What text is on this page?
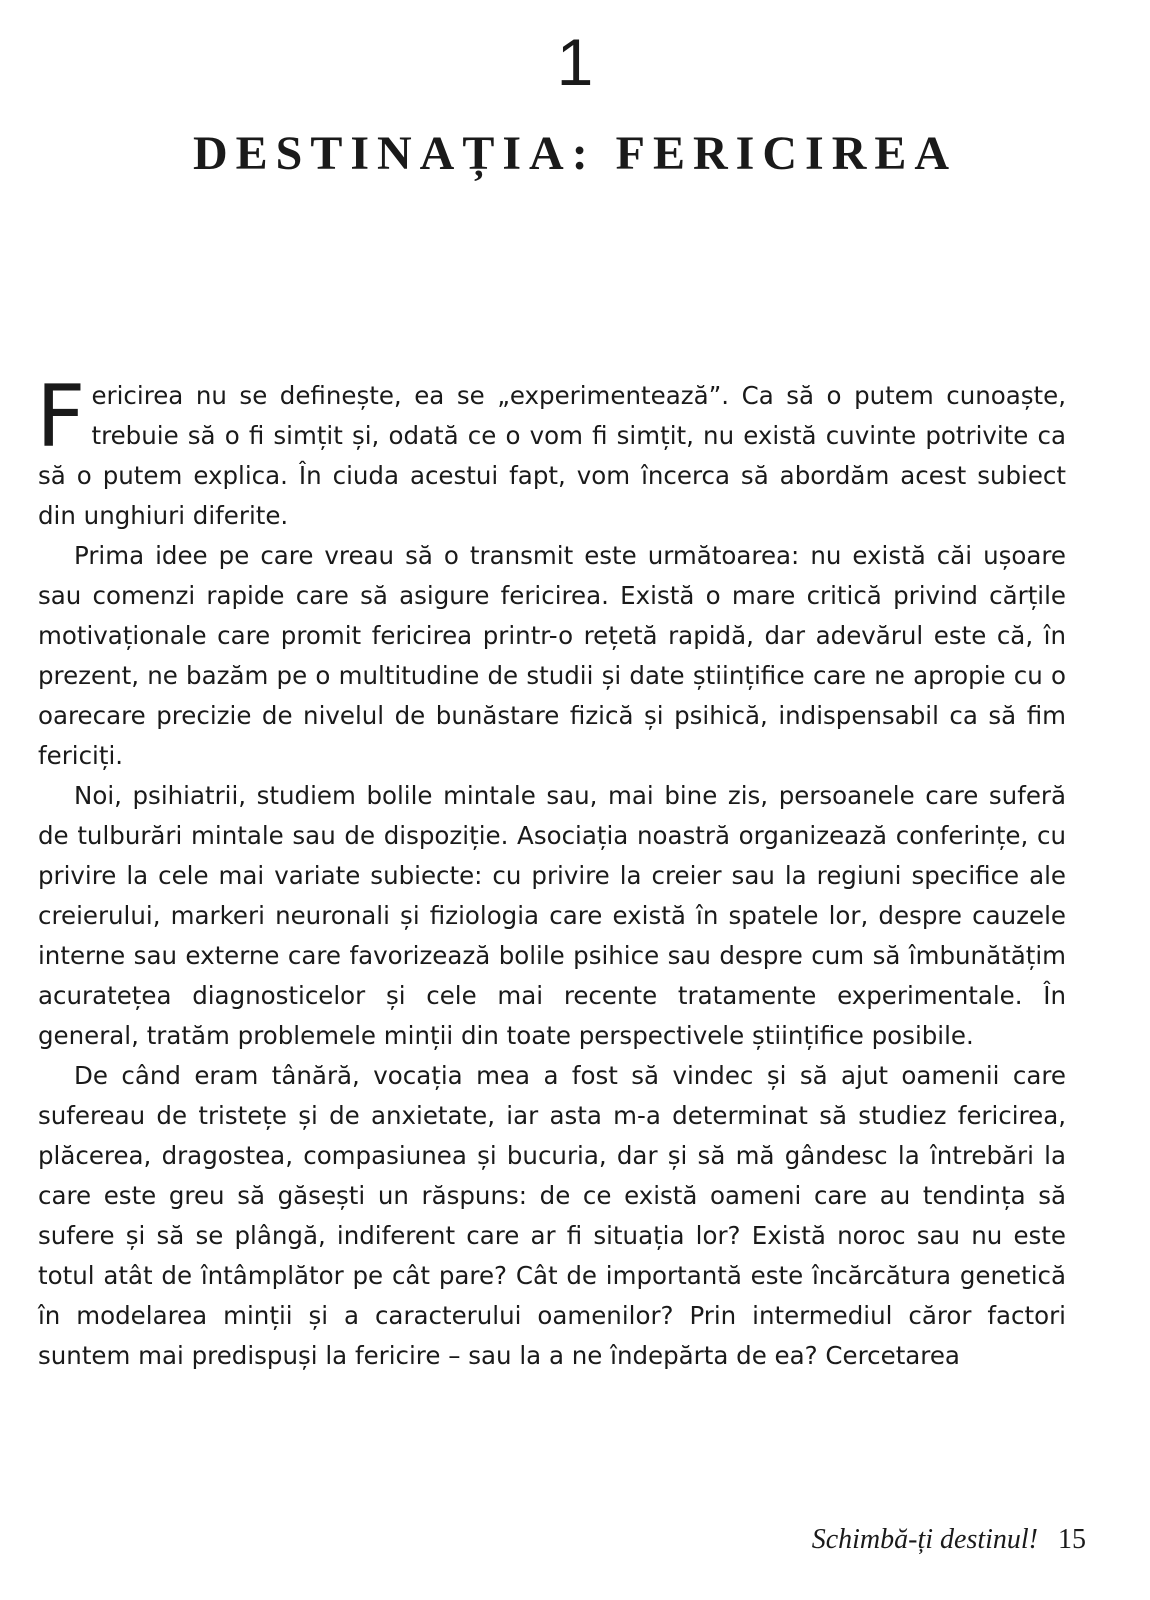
1
DESTINAȚIA: FERICIREA

Fericirea nu se definește, ea se „experimentează”. Ca să o putem cunoaște, trebuie să o fi simțit și, odată ce o vom fi simțit, nu există cuvinte potrivite ca să o putem explica. În ciuda acestui fapt, vom încerca să abordăm acest subiect din unghiuri diferite.

Prima idee pe care vreau să o transmit este următoarea: nu există căi ușoare sau comenzi rapide care să asigure fericirea. Există o mare critică privind cărțile motivaționale care promit fericirea printr-o rețetă rapidă, dar adevărul este că, în prezent, ne bazăm pe o multitudine de studii și date științifice care ne apropie cu o oarecare precizie de nivelul de bunăstare fizică și psihică, indispensabil ca să fim fericiți.

Noi, psihiatrii, studiem bolile mintale sau, mai bine zis, persoanele care suferă de tulburări mintale sau de dispoziție. Asociația noastră organizează conferințe, cu privire la cele mai variate subiecte: cu privire la creier sau la regiuni specifice ale creierului, markeri neuronali și fiziologia care există în spatele lor, despre cauzele interne sau externe care favorizează bolile psihice sau despre cum să îmbunătățim acuratețea diagnosticelor și cele mai recente tratamente experimentale. În general, tratăm problemele minții din toate perspectivele științifice posibile.

De când eram tânără, vocația mea a fost să vindec și să ajut oamenii care sufereau de tristețe și de anxietate, iar asta m-a determinat să studiez fericirea, plăcerea, dragostea, compasiunea și bucuria, dar și să mă gândesc la întrebări la care este greu să găsești un răspuns: de ce există oameni care au tendința să sufere și să se plângă, indiferent care ar fi situația lor? Există noroc sau nu este totul atât de întâmplător pe cât pare? Cât de importantă este încărcătura genetică în modelarea minții și a caracterului oamenilor? Prin intermediul căror factori suntem mai predispuși la fericire – sau la a ne îndepărta de ea? Cercetarea

Schimbă-ți destinul! 15
